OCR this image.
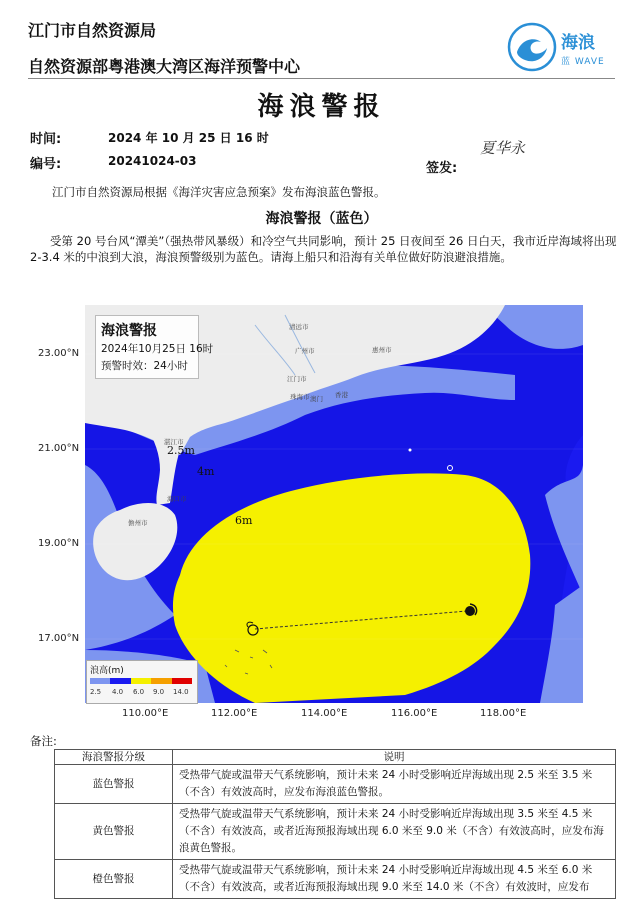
江门市自然资源局
自然资源部粤港澳大湾区海洋预警中心
海浪
蓝 WAVE
海浪警报
时间:	2024 年 10 月 25 日 16 时
编号:	20241024-03	签发:
夏华永
江门市自然资源局根据《海洋灾害应急预案》发布海浪蓝色警报。
海浪警报（蓝色）
受第 20 号台风“潭美”（强热带风暴级）和冷空气共同影响，预计 25 日夜间至 26 日白天，我市近岸海域将出现 2-3.4 米的中浪到大浪，海浪预警级别为蓝色。请海上船只和沿海有关单位做好防浪避浪措施。
海浪警报
2024年10月25日 16时
预警时效：24小时
清远市
广州市	惠州市
江门市
珠海市 澳门 香港
湛江市
海口市
儋州市
2.5m
4m
6m
浪高(m)
2.5 4.0 6.0 9.0 14.0
23.00°N
21.00°N
19.00°N
17.00°N
110.00°E	112.00°E	114.00°E	116.00°E	118.00°E
备注:
海浪警报分级	说明
蓝色警报	受热带气旋或温带天气系统影响，预计未来 24 小时受影响近岸海域出现 2.5 米至 3.5 米（不含）有效波高时，应发布海浪蓝色警报。
黄色警报	受热带气旋或温带天气系统影响，预计未来 24 小时受影响近岸海域出现 3.5 米至 4.5 米（不含）有效波高，或者近海预报海域出现 6.0 米至 9.0 米（不含）有效波高时，应发布海浪黄色警报。
橙色警报	受热带气旋或温带天气系统影响，预计未来 24 小时受影响近岸海域出现 4.5 米至 6.0 米（不含）有效波高，或者近海预报海域出现 9.0 米至 14.0 米（不含）有效波时，应发布
